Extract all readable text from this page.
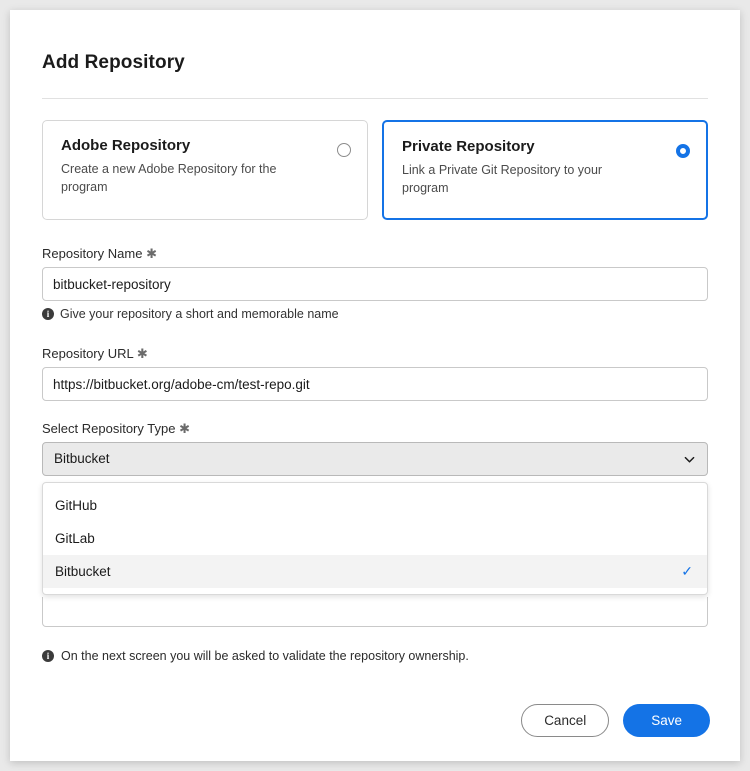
Add Repository
Adobe Repository
Create a new Adobe Repository for the program
Private Repository
Link a Private Git Repository to your program
Repository Name ✱
bitbucket-repository
i Give your repository a short and memorable name
Repository URL ✱
https://bitbucket.org/adobe-cm/test-repo.git
Select Repository Type ✱
Bitbucket
GitHub
GitLab
Bitbucket	✓
i On the next screen you will be asked to validate the repository ownership.
Cancel	Save
